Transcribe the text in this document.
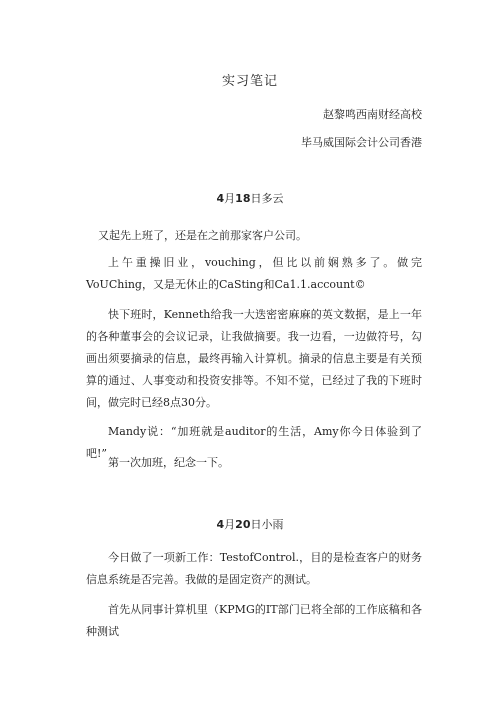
实习笔记
赵黎鸣西南财经高校
毕马威国际会计公司香港
4月18日多云
又起先上班了，还是在之前那家客户公司。
上午重操旧业，vouching，但比以前娴熟多了。做完VoUChing，又是无休止的CaSting和Ca1.1.account©
快下班时，Kenneth给我一大迭密密麻麻的英文数据，是上一年的各种董事会的会议记录，让我做摘要。我一边看，一边做符号，勾画出须要摘录的信息，最终再输入计算机。摘录的信息主要是有关预算的通过、人事变动和投资安排等。不知不觉，已经过了我的下班时间，做完时已经8点30分。
Mandy说：“加班就是auditor的生活，Amy你今日体验到了吧!”
第一次加班，纪念一下。
4月20日小雨
今日做了一项新工作：TestofControl.，目的是检查客户的财务信息系统是否完善。我做的是固定资产的测试。
首先从同事计算机里（KPMG的IT部门已将全部的工作底稿和各种测试
